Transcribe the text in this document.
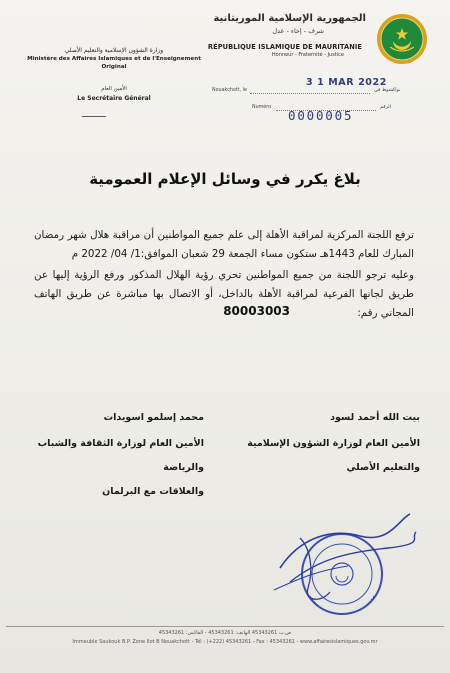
الجمهورية الإسلامية الموريتانية
شرف - إخاء - عدل
RÉPUBLIQUE ISLAMIQUE DE MAURITANIE
Honneur - Fraternité - Justice
وزارة الشؤون الإسلامية والتعليم الأصلي
Ministère des Affaires Islamiques et de l'Enseignement Original
الأمين العام
Le Secrétaire Général
Nouakchott, le	نواكشوط في
3 1 MAR 2022
Numéro	الرقم
0000005
بلاغ يكرر في وسائل الإعلام العمومية
ترفع اللجنة المركزية لمراقبة الأهلة إلى علم جميع المواطنين أن مراقبة هلال شهر رمضان المبارك للعام 1443هـ ستكون مساء الجمعة 29 شعبان الموافق:1/ 04/ 2022 م
وعليه ترجو اللجنة من جميع المواطنين تحري رؤية الهلال المذكور ورفع الرؤية إليها عن طريق لجانها الفرعية لمراقبة الأهلة بالداخل، أو الاتصال بها مباشرة عن طريق الهاتف المجاني رقم:
80003003
بيت الله أحمد لسود
الأمين العام لوزارة الشؤون الإسلامية
والتعليم الأصلي
محمد إسلمو اسويدات
الأمين العام لوزارة الثقافة والشباب والرياضة
والعلاقات مع البرلمان
ص.ب 45343261 الهاتف: 45343261 - الفاكس: 45343261
Immeuble Saukouk B.P. Zone Ilot B Nouakchott - Tél : (+222) 45343261 - Fax : 45343261 - www.affairesislamiques.gov.mr
